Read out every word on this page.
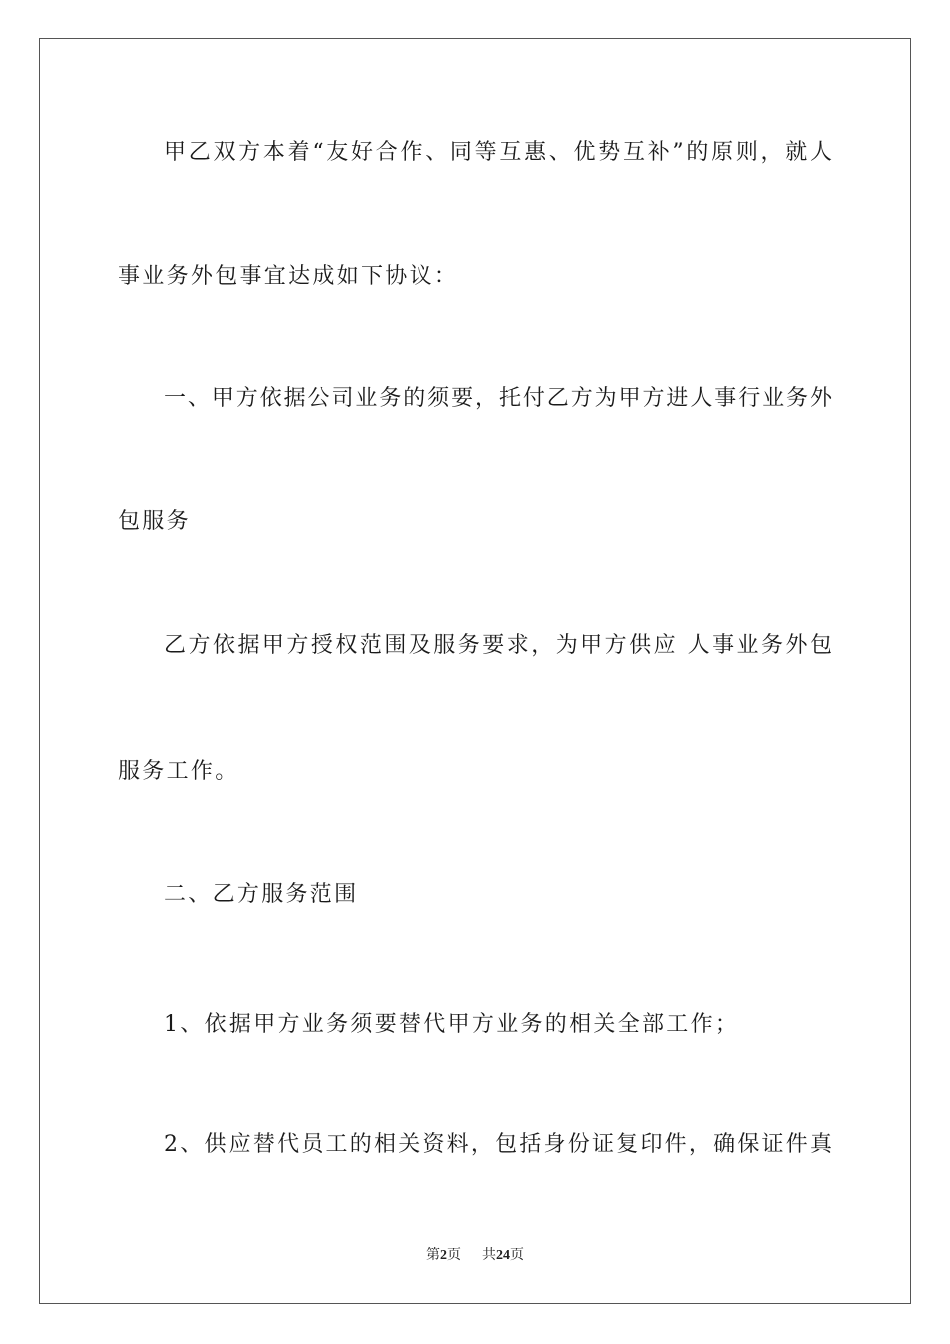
甲乙双方本着“友好合作、同等互惠、优势互补”的原则，就人

事业务外包事宜达成如下协议：

一、甲方依据公司业务的须要，托付乙方为甲方进人事行业务外

包服务

乙方依据甲方授权范围及服务要求，为甲方供应 人事业务外包

服务工作。

二、乙方服务范围

1、依据甲方业务须要替代甲方业务的相关全部工作；

2、供应替代员工的相关资料，包括身份证复印件，确保证件真

第2页 共24页
